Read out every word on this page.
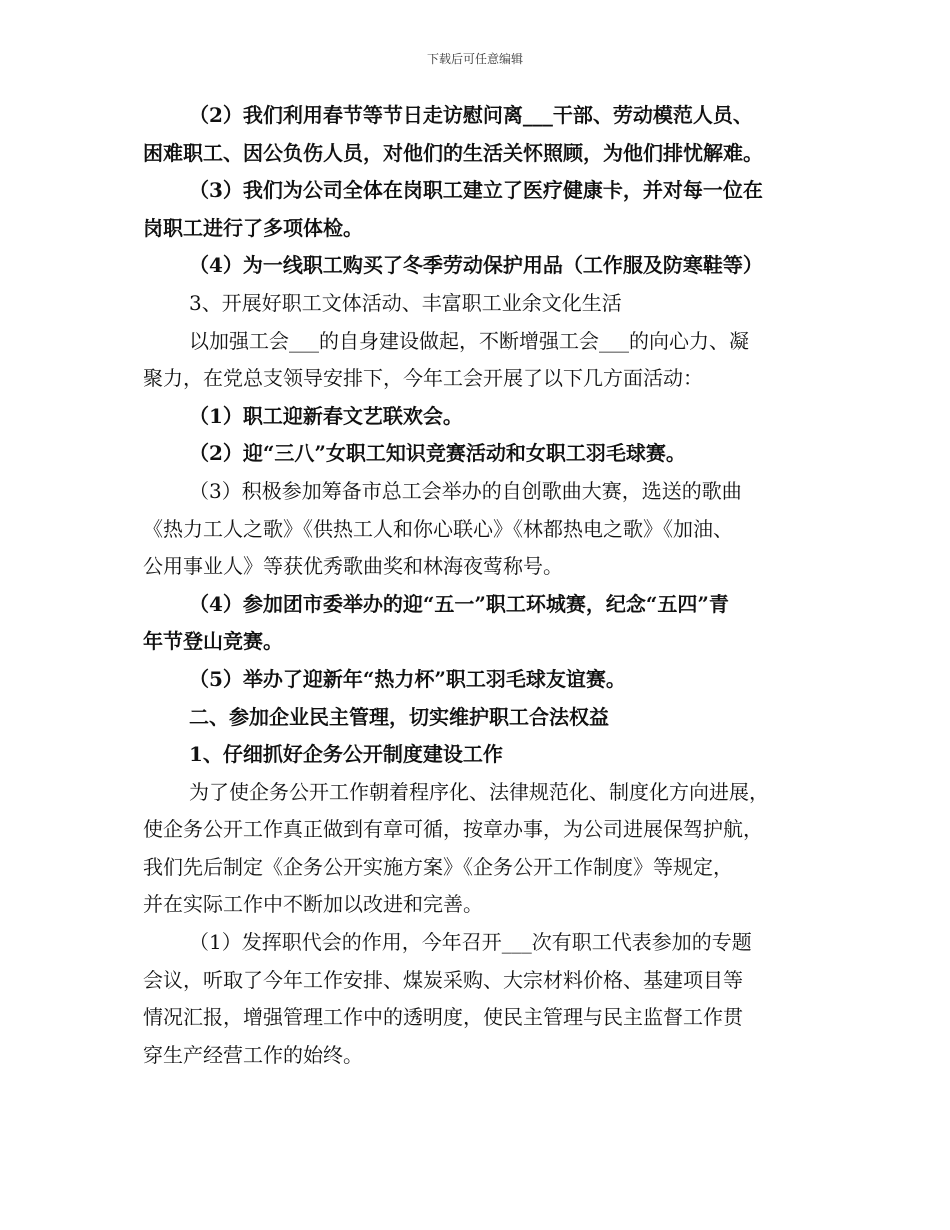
下载后可任意编辑
（2）我们利用春节等节日走访慰问离___干部、劳动模范人员、
困难职工、因公负伤人员，对他们的生活关怀照顾，为他们排忧解难。
（3）我们为公司全体在岗职工建立了医疗健康卡，并对每一位在
岗职工进行了多项体检。
（4）为一线职工购买了冬季劳动保护用品（工作服及防寒鞋等）
3、开展好职工文体活动、丰富职工业余文化生活
以加强工会___的自身建设做起，不断增强工会___的向心力、凝
聚力，在党总支领导安排下，今年工会开展了以下几方面活动：
（1）职工迎新春文艺联欢会。
（2）迎“三八”女职工知识竞赛活动和女职工羽毛球赛。
（3）积极参加筹备市总工会举办的自创歌曲大赛，选送的歌曲
《热力工人之歌》《供热工人和你心联心》《林都热电之歌》《加油、
公用事业人》等获优秀歌曲奖和林海夜莺称号。
（4）参加团市委举办的迎“五一”职工环城赛，纪念“五四”青
年节登山竞赛。
（5）举办了迎新年“热力杯”职工羽毛球友谊赛。
二、参加企业民主管理，切实维护职工合法权益
1、仔细抓好企务公开制度建设工作
为了使企务公开工作朝着程序化、法律规范化、制度化方向进展，
使企务公开工作真正做到有章可循，按章办事，为公司进展保驾护航，
我们先后制定《企务公开实施方案》《企务公开工作制度》等规定，
并在实际工作中不断加以改进和完善。
（1）发挥职代会的作用，今年召开___次有职工代表参加的专题
会议，听取了今年工作安排、煤炭采购、大宗材料价格、基建项目等
情况汇报，增强管理工作中的透明度，使民主管理与民主监督工作贯
穿生产经营工作的始终。
